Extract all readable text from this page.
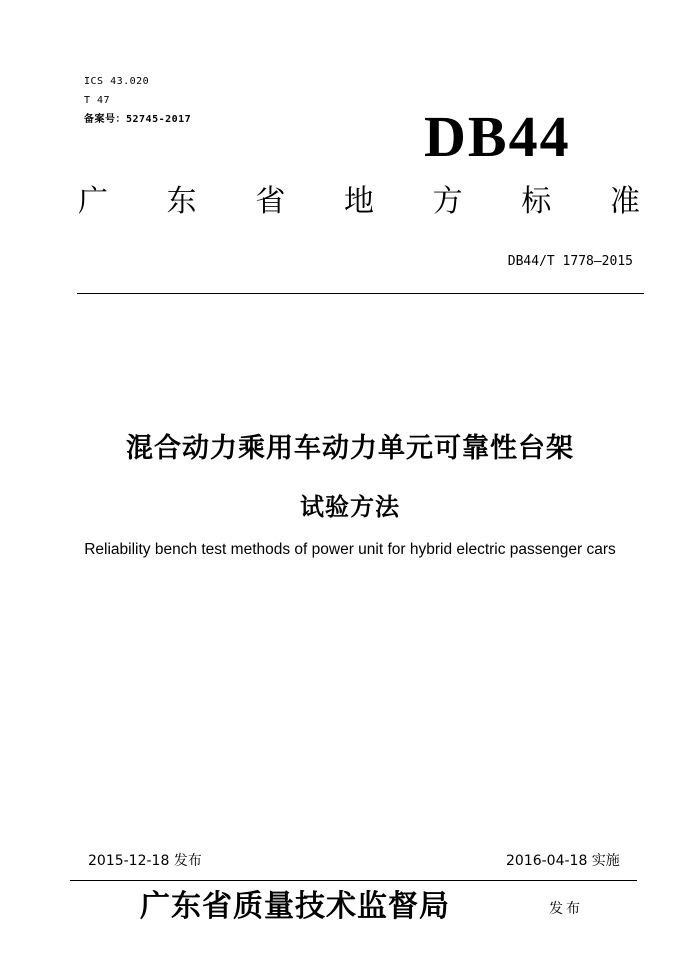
ICS 43.020
T 47
备案号：52745-2017	DB44
广 东 省 地 方 标 准
DB44/T 1778—2015
混合动力乘用车动力单元可靠性台架
试验方法
Reliability bench test methods of power unit for hybrid electric passenger cars
2015-12-18 发布	2016-04-18 实施
广东省质量技术监督局	发布
